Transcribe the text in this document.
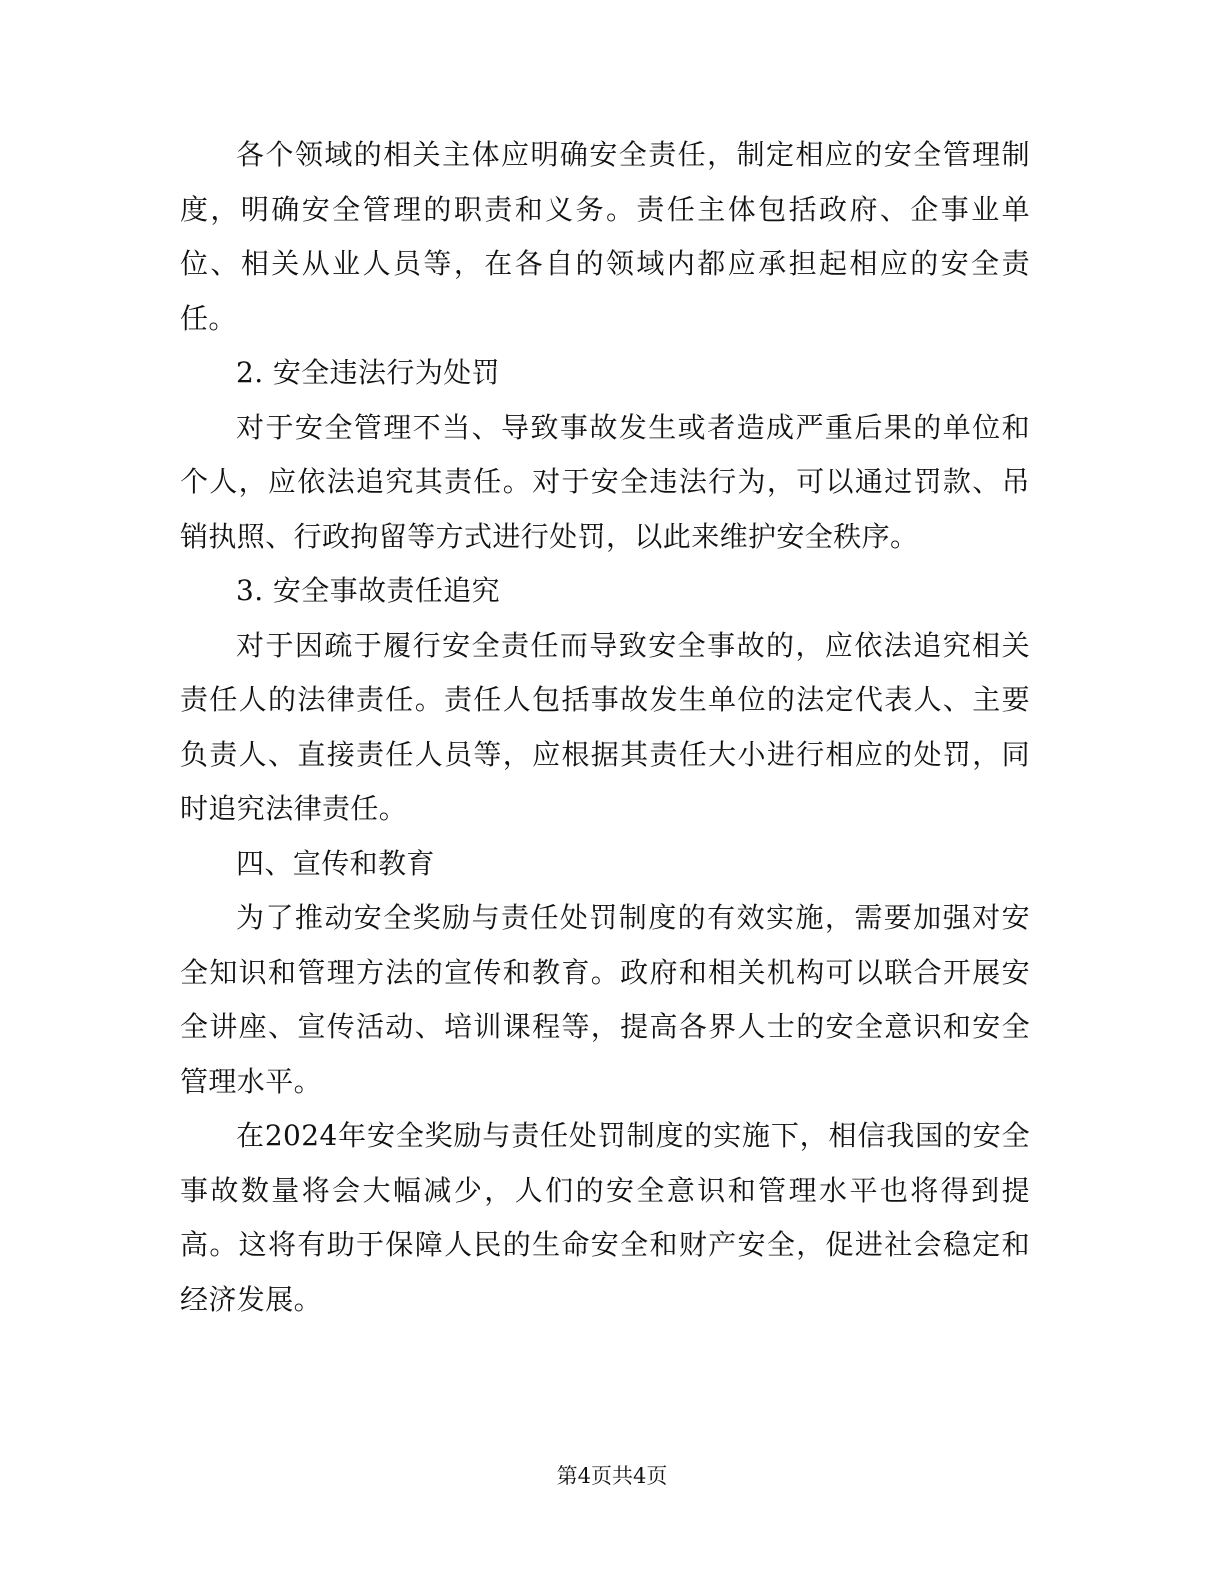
各个领域的相关主体应明确安全责任，制定相应的安全管理制度，明确安全管理的职责和义务。责任主体包括政府、企事业单位、相关从业人员等，在各自的领域内都应承担起相应的安全责任。

2. 安全违法行为处罚

对于安全管理不当、导致事故发生或者造成严重后果的单位和个人，应依法追究其责任。对于安全违法行为，可以通过罚款、吊销执照、行政拘留等方式进行处罚，以此来维护安全秩序。

3. 安全事故责任追究

对于因疏于履行安全责任而导致安全事故的，应依法追究相关责任人的法律责任。责任人包括事故发生单位的法定代表人、主要负责人、直接责任人员等，应根据其责任大小进行相应的处罚，同时追究法律责任。

四、宣传和教育

为了推动安全奖励与责任处罚制度的有效实施，需要加强对安全知识和管理方法的宣传和教育。政府和相关机构可以联合开展安全讲座、宣传活动、培训课程等，提高各界人士的安全意识和安全管理水平。

在2024年安全奖励与责任处罚制度的实施下，相信我国的安全事故数量将会大幅减少，人们的安全意识和管理水平也将得到提高。这将有助于保障人民的生命安全和财产安全，促进社会稳定和经济发展。

第4页共4页
